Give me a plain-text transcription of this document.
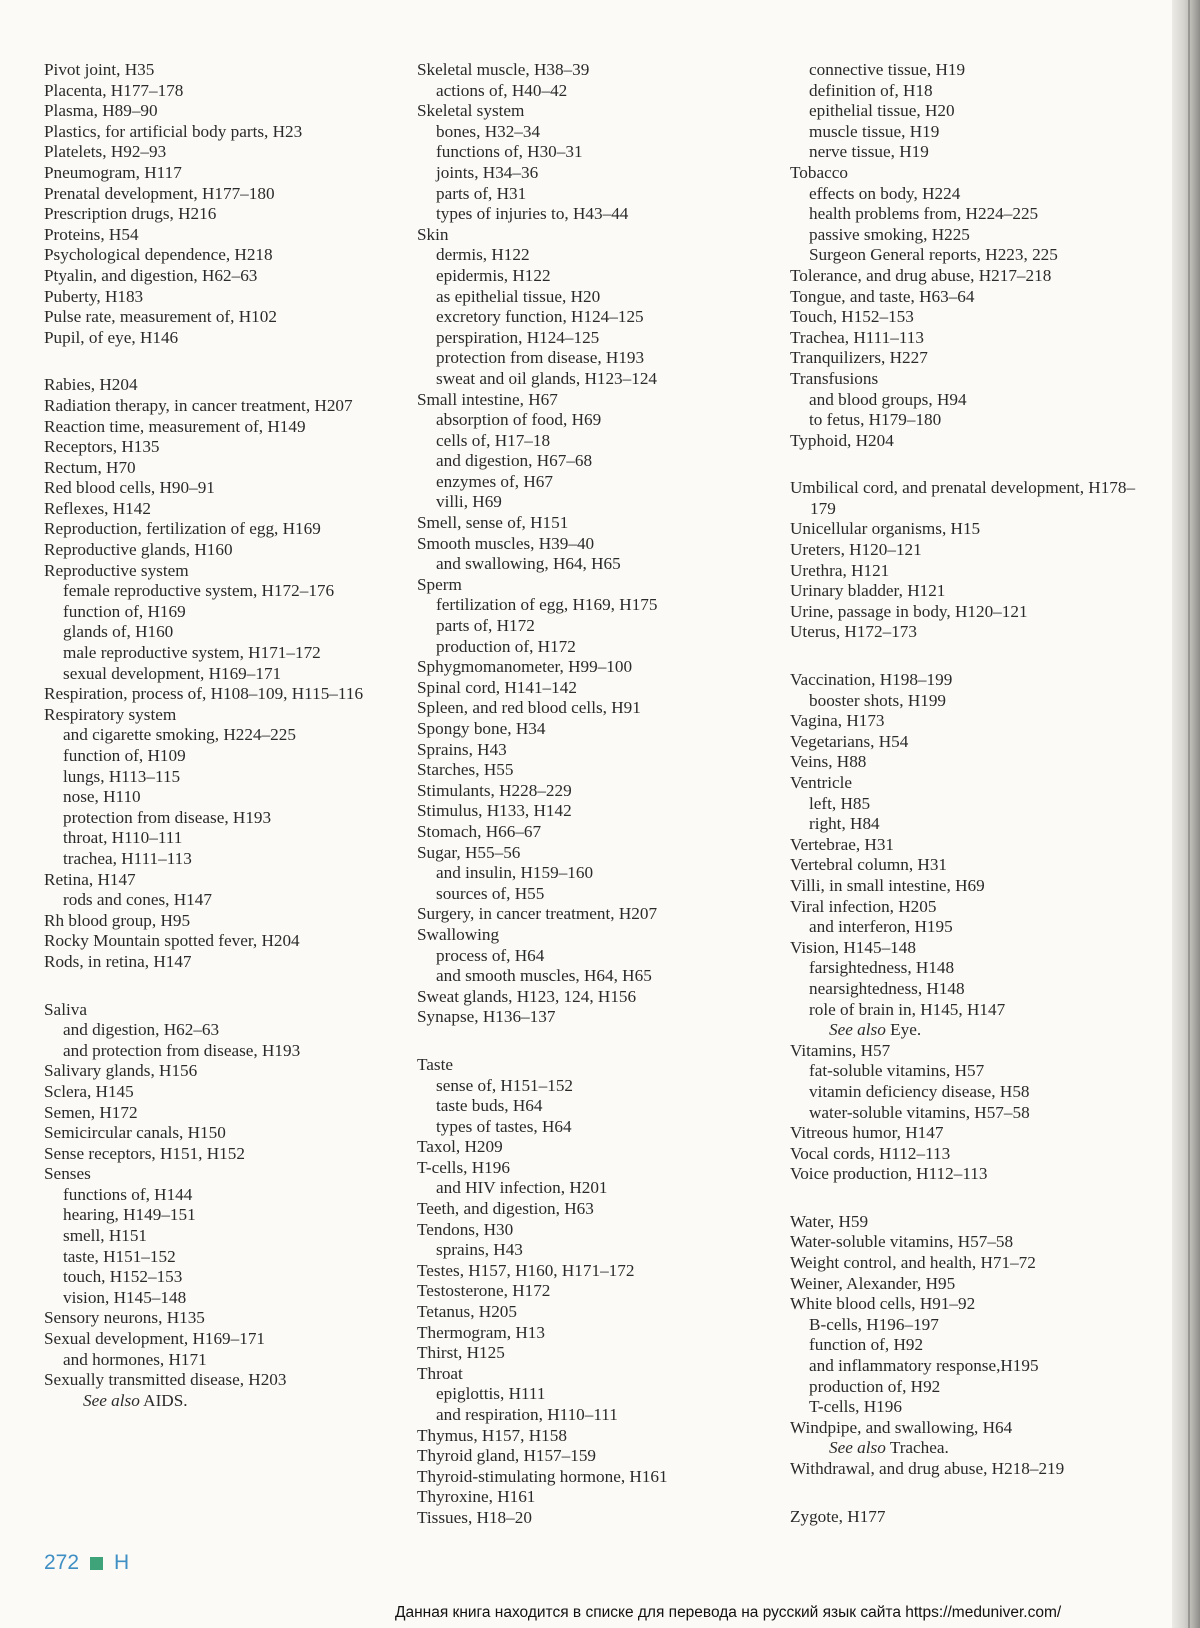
Pivot joint, H35

Placenta, H177–178

Plasma, H89–90

Plastics, for artificial body parts, H23

Platelets, H92–93

Pneumogram, H117

Prenatal development, H177–180

Prescription drugs, H216

Proteins, H54

Psychological dependence, H218

Ptyalin, and digestion, H62–63

Puberty, H183

Pulse rate, measurement of, H102

Pupil, of eye, H146

Rabies, H204

Radiation therapy, in cancer treatment, H207

Reaction time, measurement of, H149

Receptors, H135

Rectum, H70

Red blood cells, H90–91

Reflexes, H142

Reproduction, fertilization of egg, H169

Reproductive glands, H160

Reproductive system

female reproductive system, H172–176

function of, H169

glands of, H160

male reproductive system, H171–172

sexual development, H169–171

Respiration, process of, H108–109, H115–116

Respiratory system

and cigarette smoking, H224–225

function of, H109

lungs, H113–115

nose, H110

protection from disease, H193

throat, H110–111

trachea, H111–113

Retina, H147

rods and cones, H147

Rh blood group, H95

Rocky Mountain spotted fever, H204

Rods, in retina, H147

Saliva

and digestion, H62–63

and protection from disease, H193

Salivary glands, H156

Sclera, H145

Semen, H172

Semicircular canals, H150

Sense receptors, H151, H152

Senses

functions of, H144

hearing, H149–151

smell, H151

taste, H151–152

touch, H152–153

vision, H145–148

Sensory neurons, H135

Sexual development, H169–171

and hormones, H171

Sexually transmitted disease, H203

See also AIDS.

Skeletal muscle, H38–39

actions of, H40–42

Skeletal system

bones, H32–34

functions of, H30–31

joints, H34–36

parts of, H31

types of injuries to, H43–44

Skin

dermis, H122

epidermis, H122

as epithelial tissue, H20

excretory function, H124–125

perspiration, H124–125

protection from disease, H193

sweat and oil glands, H123–124

Small intestine, H67

absorption of food, H69

cells of, H17–18

and digestion, H67–68

enzymes of, H67

villi, H69

Smell, sense of, H151

Smooth muscles, H39–40

and swallowing, H64, H65

Sperm

fertilization of egg, H169, H175

parts of, H172

production of, H172

Sphygmomanometer, H99–100

Spinal cord, H141–142

Spleen, and red blood cells, H91

Spongy bone, H34

Sprains, H43

Starches, H55

Stimulants, H228–229

Stimulus, H133, H142

Stomach, H66–67

Sugar, H55–56

and insulin, H159–160

sources of, H55

Surgery, in cancer treatment, H207

Swallowing

process of, H64

and smooth muscles, H64, H65

Sweat glands, H123, 124, H156

Synapse, H136–137

Taste

sense of, H151–152

taste buds, H64

types of tastes, H64

Taxol, H209

T-cells, H196

and HIV infection, H201

Teeth, and digestion, H63

Tendons, H30

sprains, H43

Testes, H157, H160, H171–172

Testosterone, H172

Tetanus, H205

Thermogram, H13

Thirst, H125

Throat

epiglottis, H111

and respiration, H110–111

Thymus, H157, H158

Thyroid gland, H157–159

Thyroid-stimulating hormone, H161

Thyroxine, H161

Tissues, H18–20

connective tissue, H19

definition of, H18

epithelial tissue, H20

muscle tissue, H19

nerve tissue, H19

Tobacco

effects on body, H224

health problems from, H224–225

passive smoking, H225

Surgeon General reports, H223, 225

Tolerance, and drug abuse, H217–218

Tongue, and taste, H63–64

Touch, H152–153

Trachea, H111–113

Tranquilizers, H227

Transfusions

and blood groups, H94

to fetus, H179–180

Typhoid, H204

Umbilical cord, and prenatal development, H178–179

Unicellular organisms, H15

Ureters, H120–121

Urethra, H121

Urinary bladder, H121

Urine, passage in body, H120–121

Uterus, H172–173

Vaccination, H198–199

booster shots, H199

Vagina, H173

Vegetarians, H54

Veins, H88

Ventricle

left, H85

right, H84

Vertebrae, H31

Vertebral column, H31

Villi, in small intestine, H69

Viral infection, H205

and interferon, H195

Vision, H145–148

farsightedness, H148

nearsightedness, H148

role of brain in, H145, H147

See also Eye.

Vitamins, H57

fat-soluble vitamins, H57

vitamin deficiency disease, H58

water-soluble vitamins, H57–58

Vitreous humor, H147

Vocal cords, H112–113

Voice production, H112–113

Water, H59

Water-soluble vitamins, H57–58

Weight control, and health, H71–72

Weiner, Alexander, H95

White blood cells, H91–92

B-cells, H196–197

function of, H92

and inflammatory response,H195

production of, H92

T-cells, H196

Windpipe, and swallowing, H64

See also Trachea.

Withdrawal, and drug abuse, H218–219

Zygote, H177

272 H
Данная книга находится в списке для перевода на русский язык сайта https://meduniver.com/
